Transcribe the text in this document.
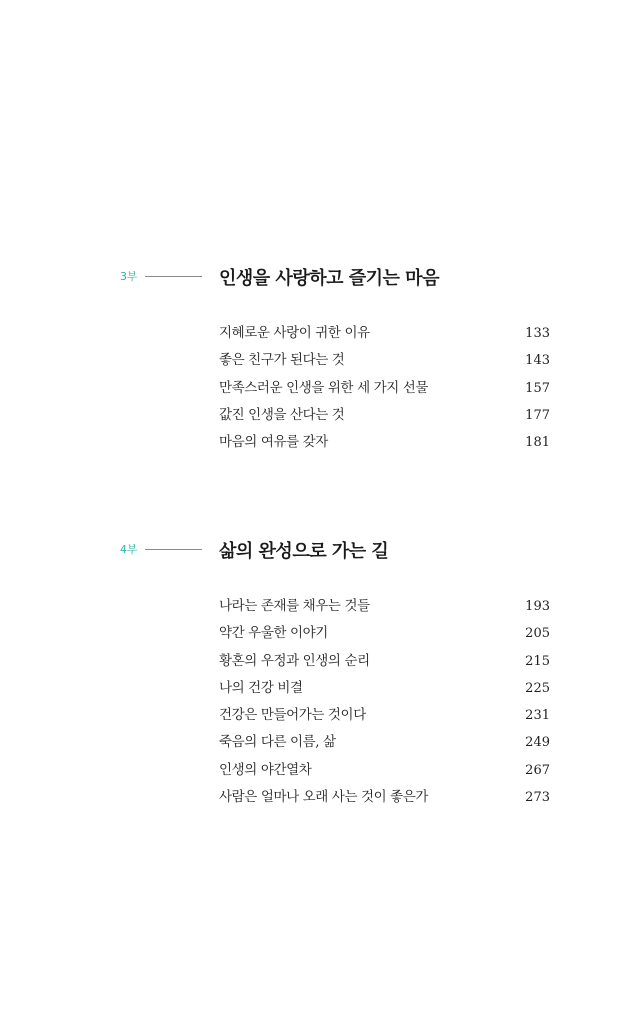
3부	인생을 사랑하고 즐기는 마음
지혜로운 사랑이 귀한 이유	133
좋은 친구가 된다는 것	143
만족스러운 인생을 위한 세 가지 선물	157
값진 인생을 산다는 것	177
마음의 여유를 갖자	181
4부	삶의 완성으로 가는 길
나라는 존재를 채우는 것들	193
약간 우울한 이야기	205
황혼의 우정과 인생의 순리	215
나의 건강 비결	225
건강은 만들어가는 것이다	231
죽음의 다른 이름, 삶	249
인생의 야간열차	267
사람은 얼마나 오래 사는 것이 좋은가	273
